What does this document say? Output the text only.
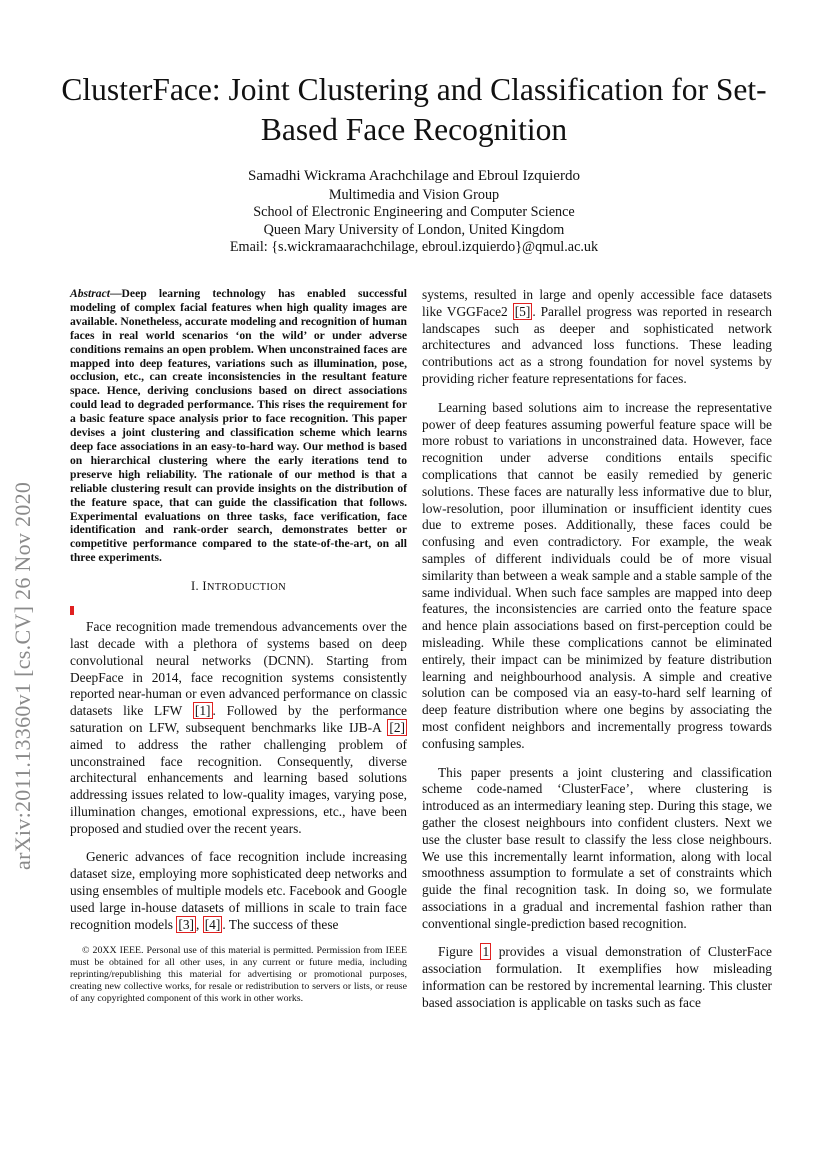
arXiv:2011.13360v1 [cs.CV] 26 Nov 2020
ClusterFace: Joint Clustering and Classification for Set-Based Face Recognition
Samadhi Wickrama Arachchilage and Ebroul Izquierdo
Multimedia and Vision Group
School of Electronic Engineering and Computer Science
Queen Mary University of London, United Kingdom
Email: {s.wickramaarachchilage, ebroul.izquierdo}@qmul.ac.uk

Abstract—Deep learning technology has enabled successful modeling of complex facial features when high quality images are available. Nonetheless, accurate modeling and recognition of human faces in real world scenarios ‘on the wild’ or under adverse conditions remains an open problem. When unconstrained faces are mapped into deep features, variations such as illumination, pose, occlusion, etc., can create inconsistencies in the resultant feature space. Hence, deriving conclusions based on direct associations could lead to degraded performance. This rises the requirement for a basic feature space analysis prior to face recognition. This paper devises a joint clustering and classification scheme which learns deep face associations in an easy-to-hard way. Our method is based on hierarchical clustering where the early iterations tend to preserve high reliability. The rationale of our method is that a reliable clustering result can provide insights on the distribution of the feature space, that can guide the classification that follows. Experimental evaluations on three tasks, face verification, face identification and rank-order search, demonstrates better or competitive performance compared to the state-of-the-art, on all three experiments.

I. INTRODUCTION

Face recognition made tremendous advancements over the last decade with a plethora of systems based on deep convolutional neural networks (DCNN). Starting from DeepFace in 2014, face recognition systems consistently reported near-human or even advanced performance on classic datasets like LFW [1] . Followed by the performance saturation on LFW, subsequent benchmarks like IJB-A [2] aimed to address the rather challenging problem of unconstrained face recognition. Consequently, diverse architectural enhancements and learning based solutions addressing issues related to low-quality images, varying pose, illumination changes, emotional expressions, etc., have been proposed and studied over the recent years.

Generic advances of face recognition include increasing dataset size, employing more sophisticated deep networks and using ensembles of multiple models etc. Facebook and Google used large in-house datasets of millions in scale to train face recognition models [3] , [4] . The success of these

© 20XX IEEE. Personal use of this material is permitted. Permission from IEEE must be obtained for all other uses, in any current or future media, including reprinting/republishing this material for advertising or promotional purposes, creating new collective works, for resale or redistribution to servers or lists, or reuse of any copyrighted component of this work in other works.

systems, resulted in large and openly accessible face datasets like VGGFace2 [5] . Parallel progress was reported in research landscapes such as deeper and sophisticated network architectures and advanced loss functions. These leading contributions act as a strong foundation for novel systems by providing richer feature representations for faces.

Learning based solutions aim to increase the representative power of deep features assuming powerful feature space will be more robust to variations in unconstrained data. However, face recognition under adverse conditions entails specific complications that cannot be easily remedied by generic solutions. These faces are naturally less informative due to blur, low-resolution, poor illumination or insufficient identity cues due to extreme poses. Additionally, these faces could be confusing and even contradictory. For example, the weak samples of different individuals could be of more visual similarity than between a weak sample and a stable sample of the same individual. When such face samples are mapped into deep features, the inconsistencies are carried onto the feature space and hence plain associations based on first-perception could be misleading. While these complications cannot be eliminated entirely, their impact can be minimized by feature distribution learning and neighbourhood analysis. A simple and creative solution can be composed via an easy-to-hard self learning of deep feature distribution where one begins by associating the most confident neighbors and incrementally progress towards confusing samples.

This paper presents a joint clustering and classification scheme code-named ‘ClusterFace’, where clustering is introduced as an intermediary leaning step. During this stage, we gather the closest neighbours into confident clusters. Next we use the cluster base result to classify the less close neighbours. We use this incrementally learnt information, along with local smoothness assumption to formulate a set of constraints which guide the final recognition task. In doing so, we formulate associations in a gradual and incremental fashion rather than conventional single-prediction based recognition.

Figure 1 provides a visual demonstration of ClusterFace association formulation. It exemplifies how misleading information can be restored by incremental learning. This cluster based association is applicable on tasks such as face
